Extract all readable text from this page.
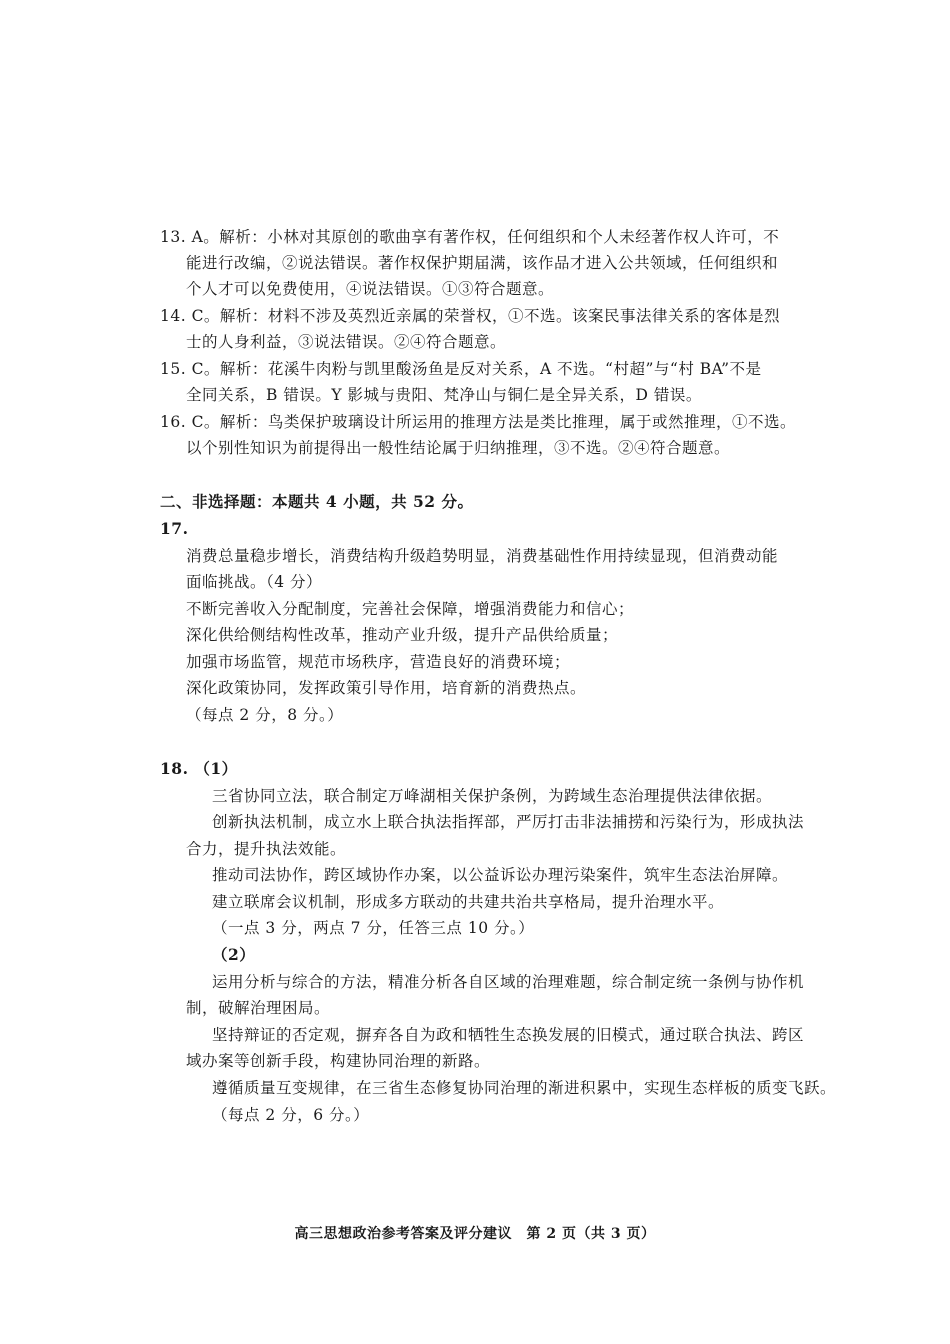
13. A。解析：小林对其原创的歌曲享有著作权，任何组织和个人未经著作权人许可，不
能进行改编，②说法错误。著作权保护期届满，该作品才进入公共领域，任何组织和
个人才可以免费使用，④说法错误。①③符合题意。
14. C。解析：材料不涉及英烈近亲属的荣誉权，①不选。该案民事法律关系的客体是烈
士的人身利益，③说法错误。②④符合题意。
15. C。解析：花溪牛肉粉与凯里酸汤鱼是反对关系，A 不选。“村超”与“村 BA”不是
全同关系，B 错误。Y 影城与贵阳、梵净山与铜仁是全异关系，D 错误。
16. C。解析：鸟类保护玻璃设计所运用的推理方法是类比推理，属于或然推理，①不选。
以个别性知识为前提得出一般性结论属于归纳推理，③不选。②④符合题意。
二、非选择题：本题共 4 小题，共 52 分。
17.
消费总量稳步增长，消费结构升级趋势明显，消费基础性作用持续显现，但消费动能
面临挑战。（4 分）
不断完善收入分配制度，完善社会保障，增强消费能力和信心；
深化供给侧结构性改革，推动产业升级，提升产品供给质量；
加强市场监管，规范市场秩序，营造良好的消费环境；
深化政策协同，发挥政策引导作用，培育新的消费热点。
（每点 2 分，8 分。）
18. （1）
三省协同立法，联合制定万峰湖相关保护条例，为跨域生态治理提供法律依据。
创新执法机制，成立水上联合执法指挥部，严厉打击非法捕捞和污染行为，形成执法
合力，提升执法效能。
推动司法协作，跨区域协作办案，以公益诉讼办理污染案件，筑牢生态法治屏障。
建立联席会议机制，形成多方联动的共建共治共享格局，提升治理水平。
（一点 3 分，两点 7 分，任答三点 10 分。）
（2）
运用分析与综合的方法，精准分析各自区域的治理难题，综合制定统一条例与协作机
制，破解治理困局。
坚持辩证的否定观，摒弃各自为政和牺牲生态换发展的旧模式，通过联合执法、跨区
域办案等创新手段，构建协同治理的新路。
遵循质量互变规律，在三省生态修复协同治理的渐进积累中，实现生态样板的质变飞跃。
（每点 2 分，6 分。）
高三思想政治参考答案及评分建议　第 2 页（共 3 页）
